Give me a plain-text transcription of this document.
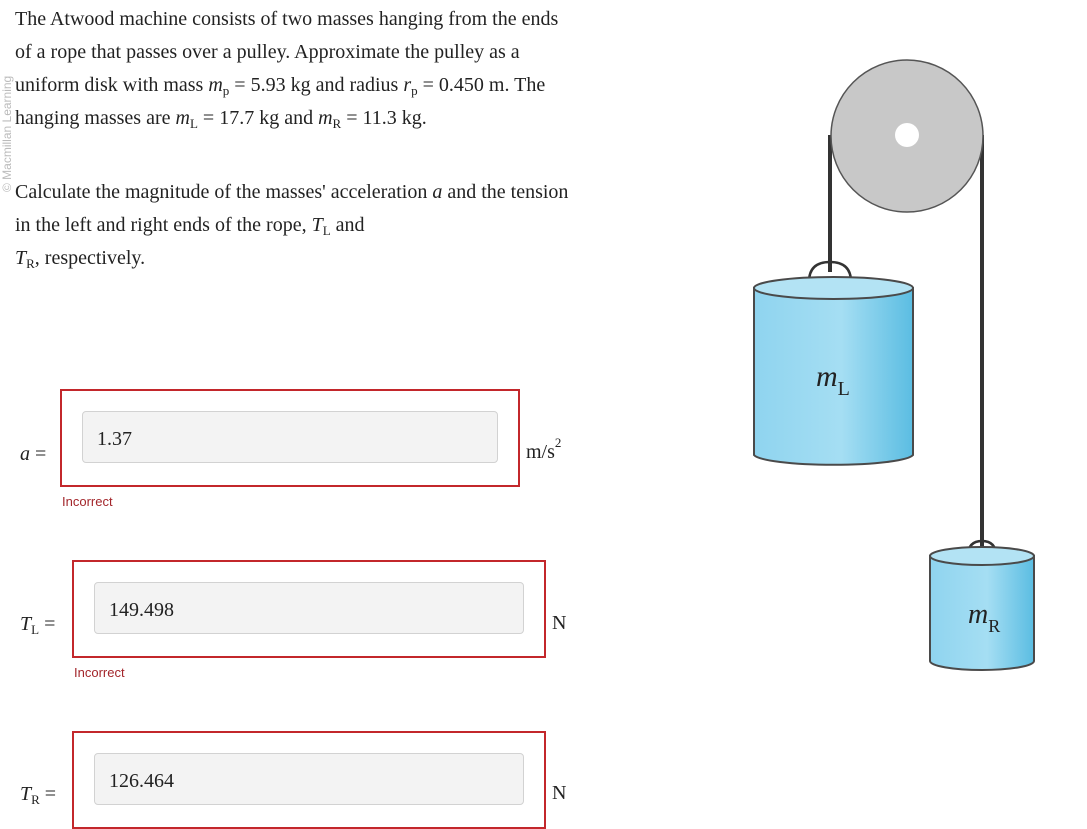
© Macmillan Learning

The Atwood machine consists of two masses hanging from the ends of a rope that passes over a pulley. Approximate the pulley as a uniform disk with mass $m_p = 5.93$ kg and radius $r_p = 0.450$ m. The hanging masses are $m_L = 17.7$ kg and $m_R = 11.3$ kg.

Calculate the magnitude of the masses' acceleration a and the tension in the left and right ends of the rope, $T_L$ and
$T_R$, respectively.

a =
1.37
$m/s^2$
Incorrect
$T_L$ =
149.498
N
Incorrect
$T_R$ =
126.464
N
$m_L$
$m_R$
